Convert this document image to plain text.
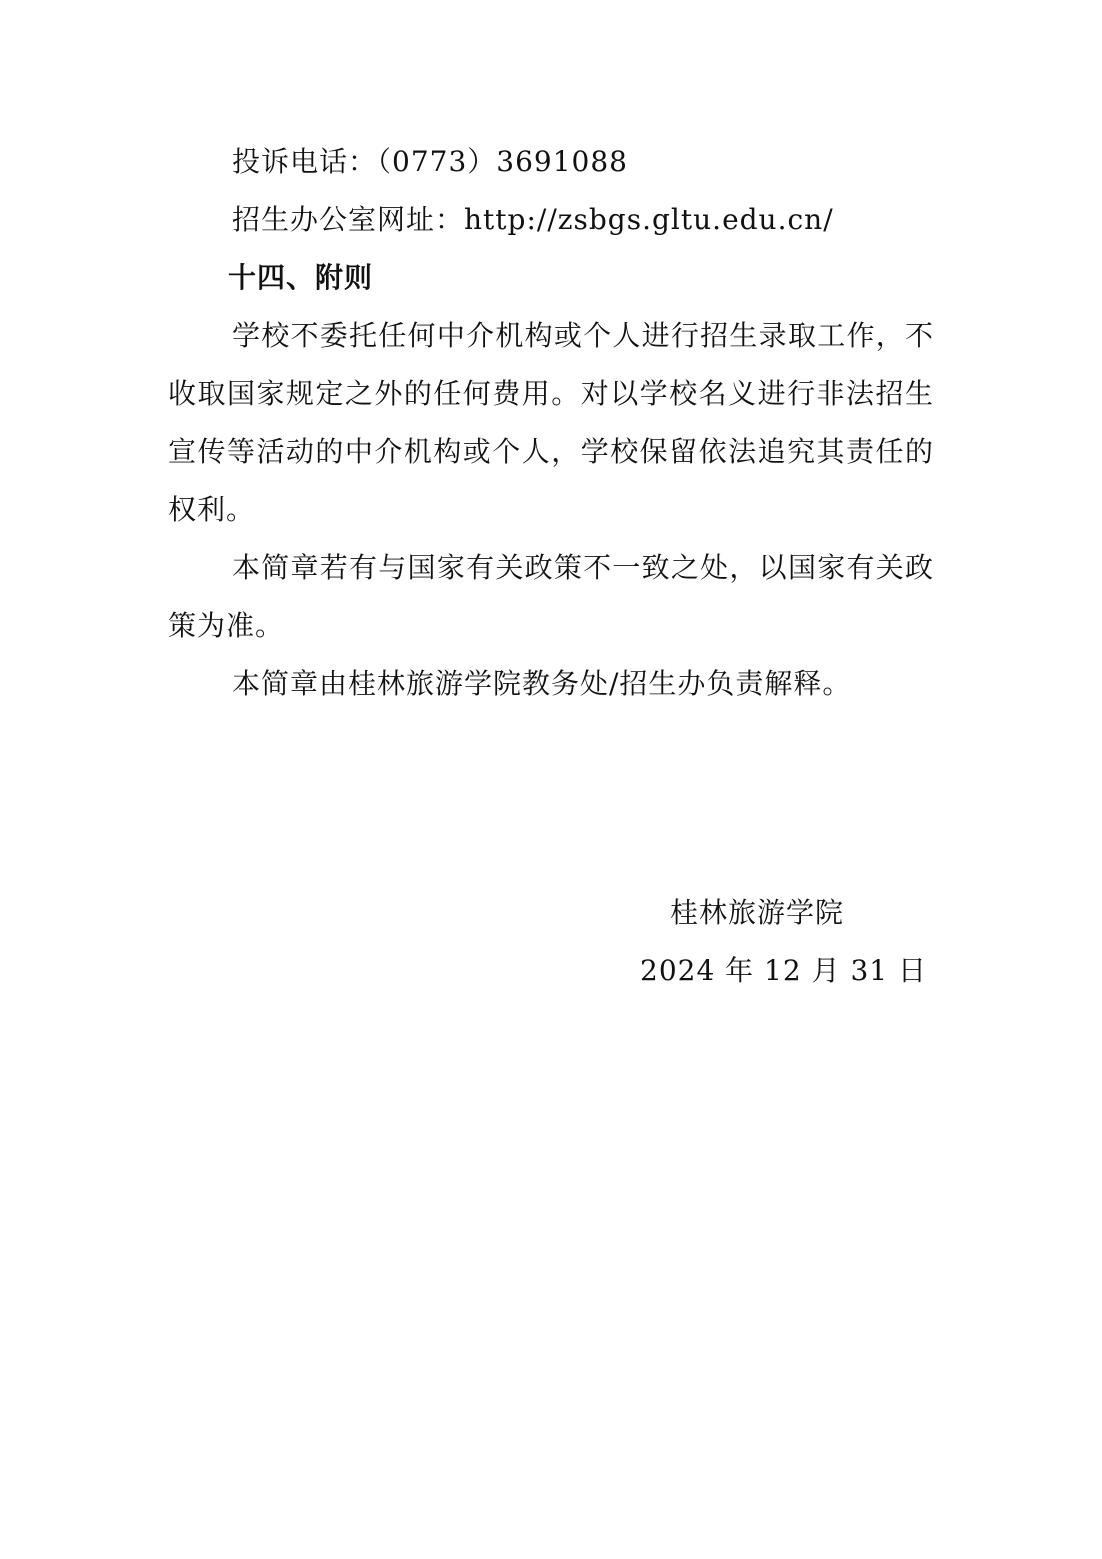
投诉电话：（0773）3691088

招生办公室网址：http://zsbgs.gltu.edu.cn/

十四、附则

学校不委托任何中介机构或个人进行招生录取工作，不收取国家规定之外的任何费用。对以学校名义进行非法招生宣传等活动的中介机构或个人，学校保留依法追究其责任的权利。

本简章若有与国家有关政策不一致之处，以国家有关政策为准。

本简章由桂林旅游学院教务处/招生办负责解释。

桂林旅游学院

2024 年 12 月 31 日
